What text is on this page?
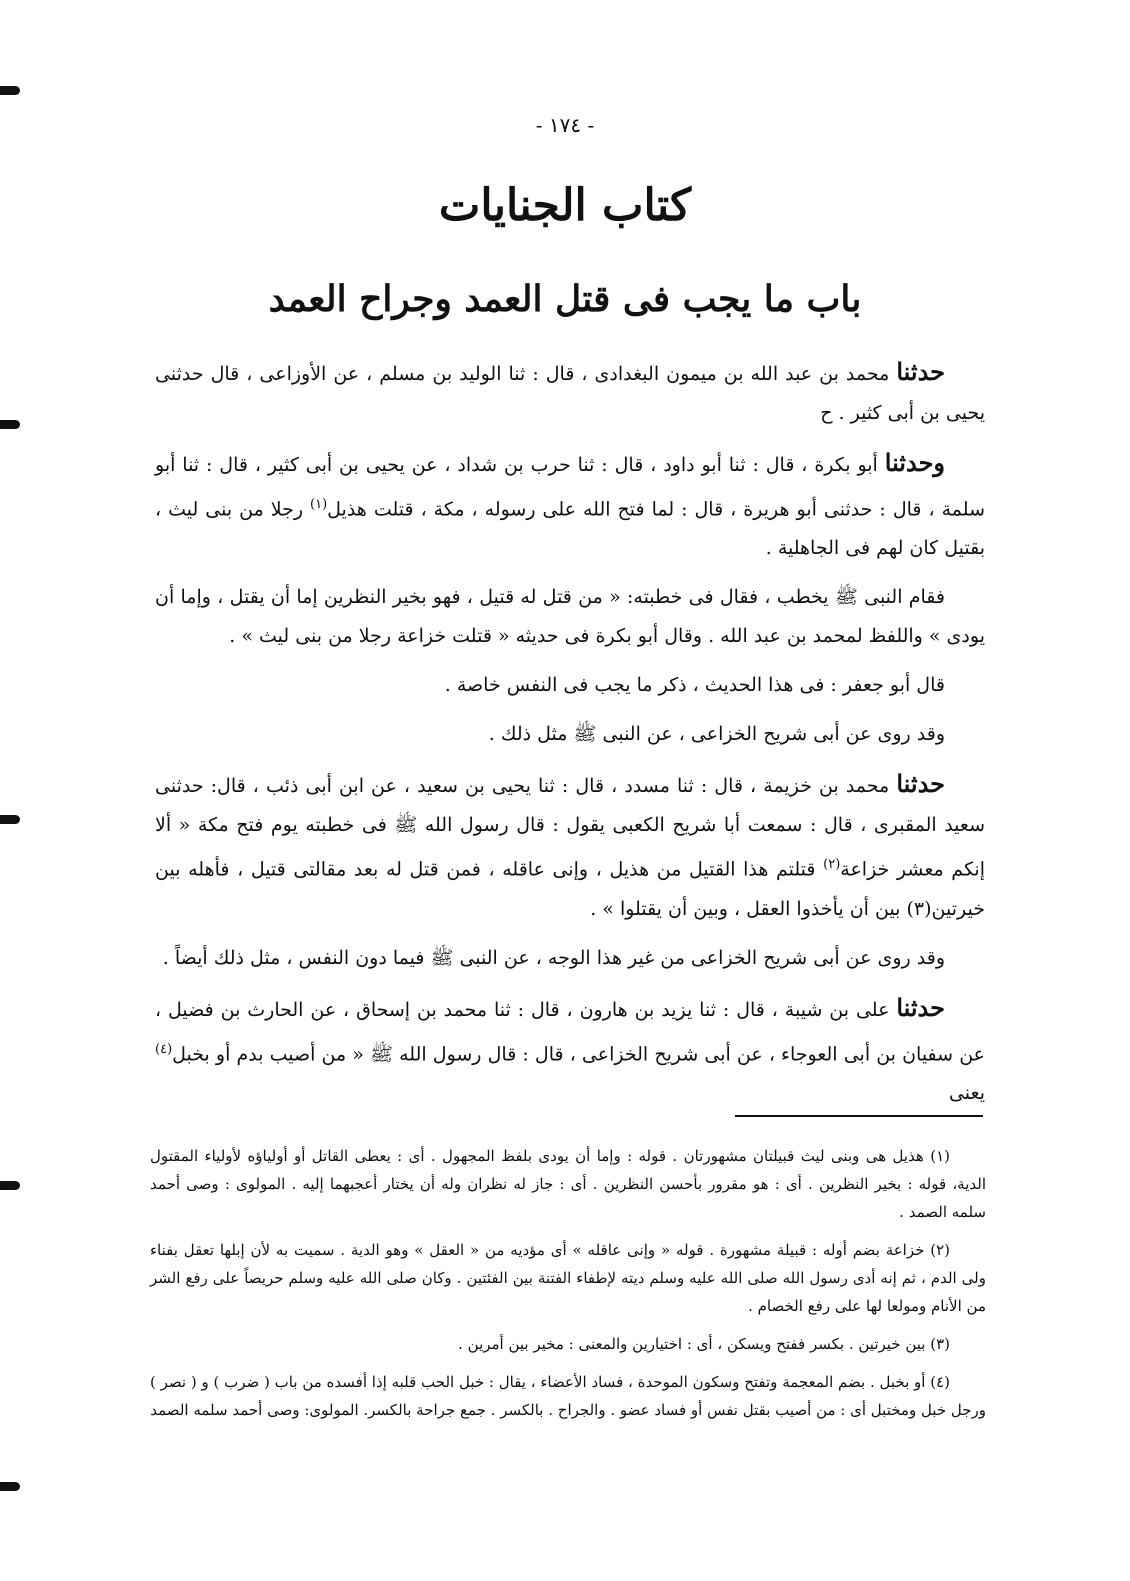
- ١٧٤ -
كتاب الجنايات
باب ما يجب فى قتل العمد وجراح العمد

حدثنا محمد بن عبد الله بن ميمون البغدادى ، قال : ثنا الوليد بن مسلم ، عن الأوزاعى ، قال حدثنى يحيى بن أبى كثير . ح

وحدثنا أبو بكرة ، قال : ثنا أبو داود ، قال : ثنا حرب بن شداد ، عن يحيى بن أبى كثير ، قال : ثنا أبو سلمة ، قال : حدثنى أبو هريرة ، قال : لما فتح الله على رسوله ، مكة ، قتلت هذيل$^{(١)}$ رجلا من بنى ليث ، بقتيل كان لهم فى الجاهلية .

فقام النبى ﷺ يخطب ، فقال فى خطبته: « من قتل له قتيل ، فهو بخير النظرين إما أن يقتل ، وإما أن يودى » واللفظ لمحمد بن عبد الله . وقال أبو بكرة فى حديثه « قتلت خزاعة رجلا من بنى ليث » .

قال أبو جعفر : فى هذا الحديث ، ذكر ما يجب فى النفس خاصة .

وقد روى عن أبى شريح الخزاعى ، عن النبى ﷺ مثل ذلك .

حدثنا محمد بن خزيمة ، قال : ثنا مسدد ، قال : ثنا يحيى بن سعيد ، عن ابن أبى ذئب ، قال: حدثنى سعيد المقبرى ، قال : سمعت أبا شريح الكعبى يقول : قال رسول الله ﷺ فى خطبته يوم فتح مكة « ألا إنكم معشر خزاعة$^{(٢)}$ قتلتم هذا القتيل من هذيل ، وإنى عاقله ، فمن قتل له بعد مقالتى قتيل ، فأهله بين خيرتين(٣) بين أن يأخذوا العقل ، وبين أن يقتلوا » .

وقد روى عن أبى شريح الخزاعى من غير هذا الوجه ، عن النبى ﷺ فيما دون النفس ، مثل ذلك أيضاً .

حدثنا على بن شيبة ، قال : ثنا يزيد بن هارون ، قال : ثنا محمد بن إسحاق ، عن الحارث بن فضيل ، عن سفيان بن أبى العوجاء ، عن أبى شريح الخزاعى ، قال : قال رسول الله ﷺ « من أصيب بدم أو بخبل$^{(٤)}$ يعنى

(١) هذيل هى وبنى ليث قبيلتان مشهورتان . قوله : وإما أن يودى بلفظ المجهول . أى : يعطى القاتل أو أولياؤه لأولياء المقتول الدية، قوله : بخير النظرين . أى : هو مقرور بأحسن النظرين . أى : جاز له نظران وله أن يختار أعجبهما إليه . المولوى : وصى أحمد سلمه الصمد .

(٢) خزاعة بضم أوله : قبيلة مشهورة . قوله « وإنى عاقله » أى مؤديه من « العقل » وهو الدية . سميت به لأن إبلها تعقل بفناء ولى الدم ، ثم إنه أدى رسول الله صلى الله عليه وسلم ديته لإطفاء الفتنة بين الفئتين . وكان صلى الله عليه وسلم حريصاً على رفع الشر من الأنام ومولعا لها على رفع الخصام .

(٣) بين خيرتين . بكسر ففتح ويسكن ، أى : اختيارين والمعنى : مخير بين أمرين .

(٤) أو بخبل . بضم المعجمة وتفتح وسكون الموحدة ، فساد الأعضاء ، يقال : خبل الحب قلبه إذا أفسده من باب ( ضرب ) و ( نصر ) ورجل خبل ومختبل أى : من أصيب بقتل نفس أو فساد عضو . والجراح . بالكسر . جمع جراحة بالكسر. المولوى: وصى أحمد سلمه الصمد
